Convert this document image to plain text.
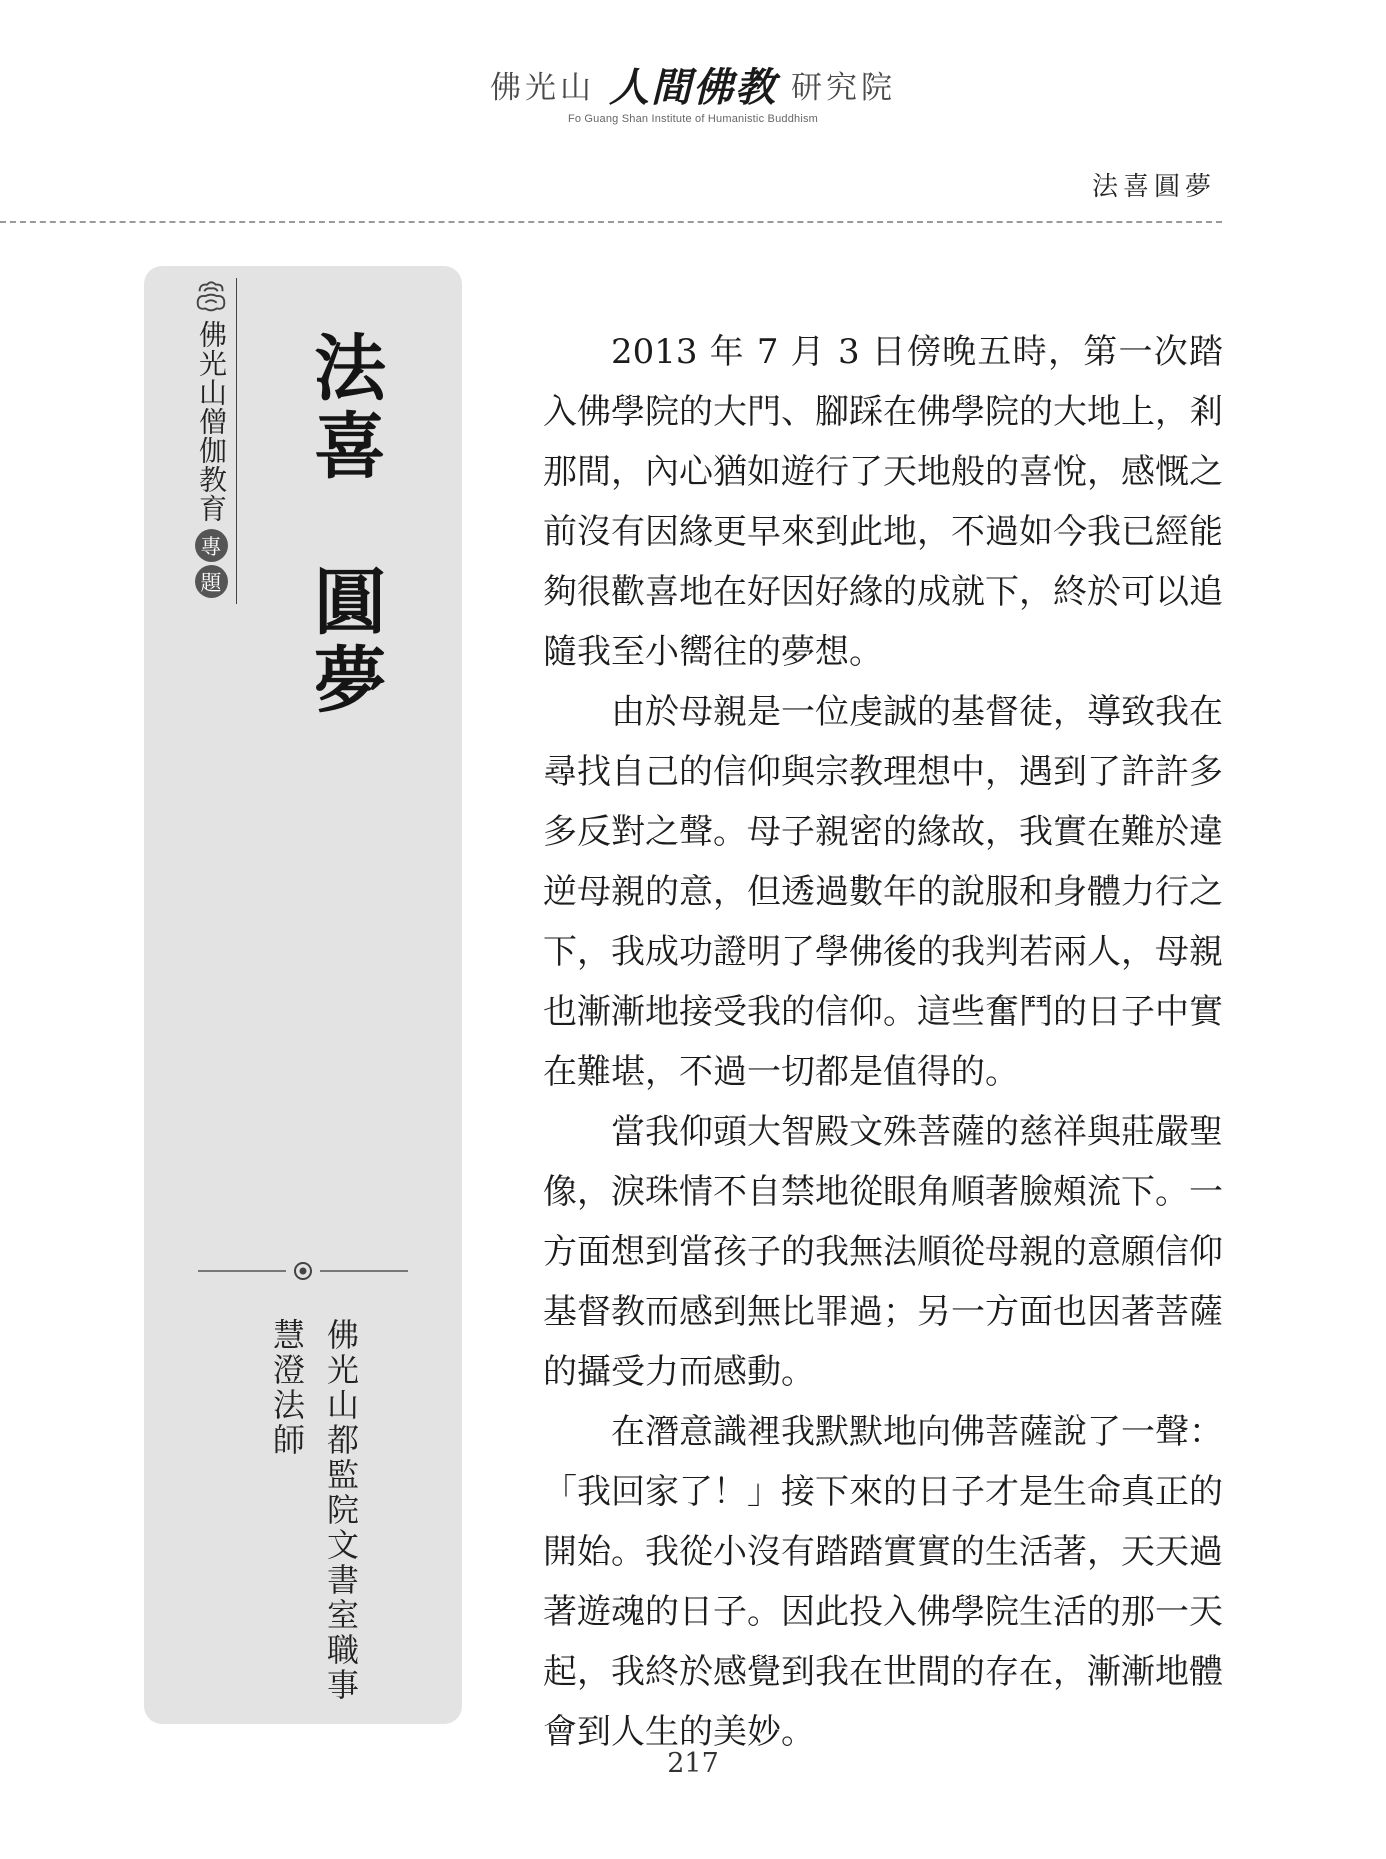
佛光山 人間佛教 研究院
Fo Guang Shan Institute of Humanistic Buddhism
法喜圓夢
佛光山僧伽教育
專
題 法喜　圓夢
佛光山都監院文書室職事
慧澄法師

2013 年 7 月 3 日傍晚五時，第一次踏入佛學院的大門、腳踩在佛學院的大地上，剎那間，內心猶如遊行了天地般的喜悅，感慨之前沒有因緣更早來到此地，不過如今我已經能夠很歡喜地在好因好緣的成就下，終於可以追隨我至小嚮往的夢想。

由於母親是一位虔誠的基督徒，導致我在尋找自己的信仰與宗教理想中，遇到了許許多多反對之聲。母子親密的緣故，我實在難於違逆母親的意，但透過數年的說服和身體力行之下，我成功證明了學佛後的我判若兩人，母親也漸漸地接受我的信仰。這些奮鬥的日子中實在難堪，不過一切都是值得的。

當我仰頭大智殿文殊菩薩的慈祥與莊嚴聖像，淚珠情不自禁地從眼角順著臉頰流下。一方面想到當孩子的我無法順從母親的意願信仰基督教而感到無比罪過；另一方面也因著菩薩的攝受力而感動。

在潛意識裡我默默地向佛菩薩說了一聲：「我回家了！」接下來的日子才是生命真正的開始。我從小沒有踏踏實實的生活著，天天過著遊魂的日子。因此投入佛學院生活的那一天起，我終於感覺到我在世間的存在，漸漸地體會到人生的美妙。

217
